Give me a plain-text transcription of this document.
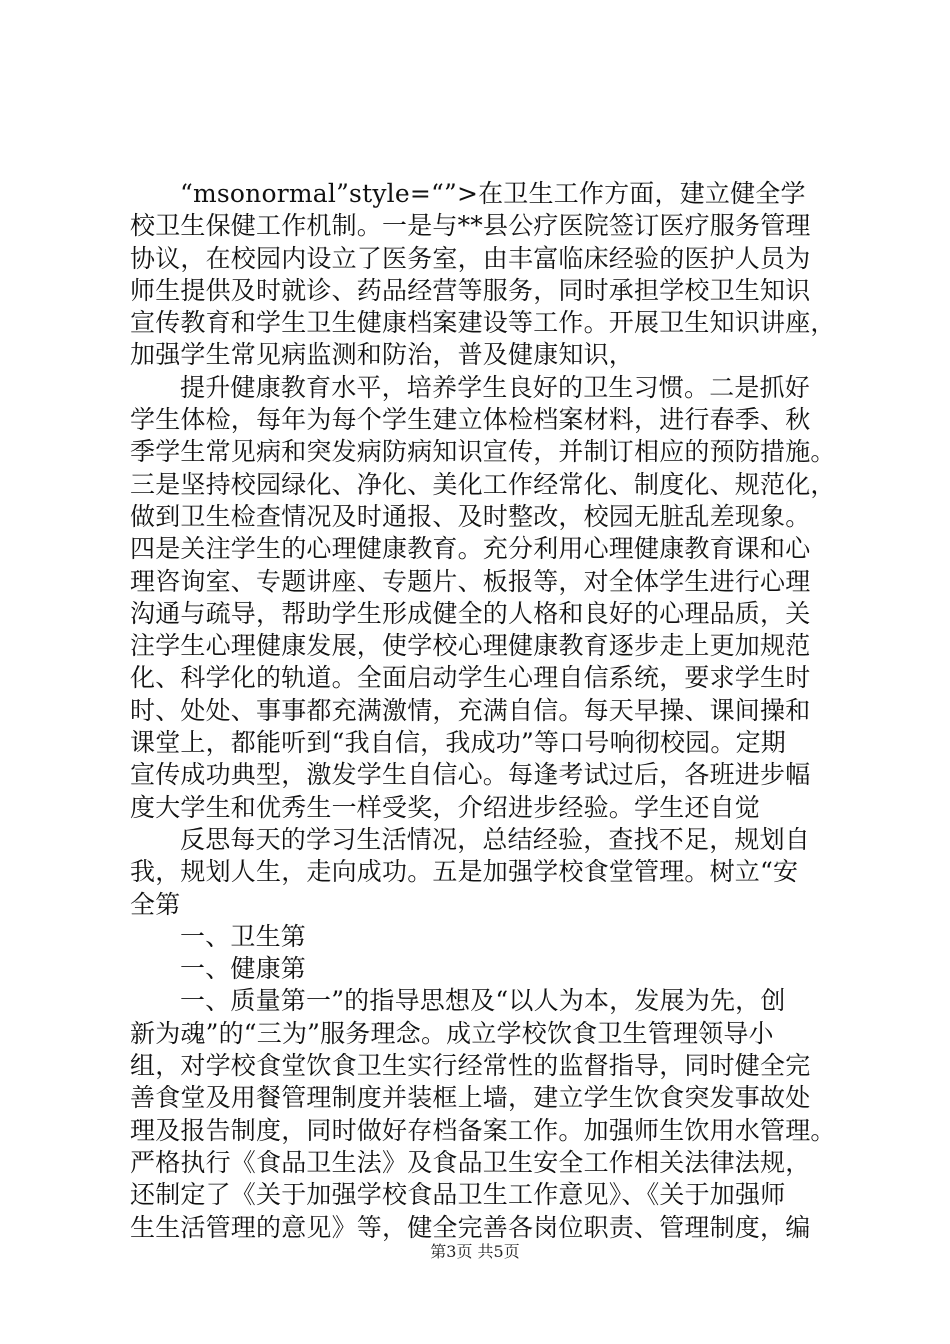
“msonormal”style=“”>在卫生工作方面，建立健全学
校卫生保健工作机制。一是与**县公疗医院签订医疗服务管理
协议，在校园内设立了医务室，由丰富临床经验的医护人员为
师生提供及时就诊、药品经营等服务，同时承担学校卫生知识
宣传教育和学生卫生健康档案建设等工作。开展卫生知识讲座，
加强学生常见病监测和防治，普及健康知识，
提升健康教育水平，培养学生良好的卫生习惯。二是抓好
学生体检，每年为每个学生建立体检档案材料，进行春季、秋
季学生常见病和突发病防病知识宣传，并制订相应的预防措施。
三是坚持校园绿化、净化、美化工作经常化、制度化、规范化，
做到卫生检查情况及时通报、及时整改，校园无脏乱差现象。
四是关注学生的心理健康教育。充分利用心理健康教育课和心
理咨询室、专题讲座、专题片、板报等，对全体学生进行心理
沟通与疏导，帮助学生形成健全的人格和良好的心理品质，关
注学生心理健康发展，使学校心理健康教育逐步走上更加规范
化、科学化的轨道。全面启动学生心理自信系统，要求学生时
时、处处、事事都充满激情，充满自信。每天早操、课间操和
课堂上，都能听到“我自信，我成功”等口号响彻校园。定期
宣传成功典型，激发学生自信心。每逢考试过后，各班进步幅
度大学生和优秀生一样受奖，介绍进步经验。学生还自觉
反思每天的学习生活情况，总结经验，查找不足，规划自
我，规划人生，走向成功。五是加强学校食堂管理。树立“安
全第
一、卫生第
一、健康第
一、质量第一”的指导思想及“以人为本，发展为先，创
新为魂”的“三为”服务理念。成立学校饮食卫生管理领导小
组，对学校食堂饮食卫生实行经常性的监督指导，同时健全完
善食堂及用餐管理制度并装框上墙，建立学生饮食突发事故处
理及报告制度，同时做好存档备案工作。加强师生饮用水管理。
严格执行《食品卫生法》及食品卫生安全工作相关法律法规，
还制定了《关于加强学校食品卫生工作意见》、《关于加强师
生生活管理的意见》等，健全完善各岗位职责、管理制度，编
第3页 共5页
